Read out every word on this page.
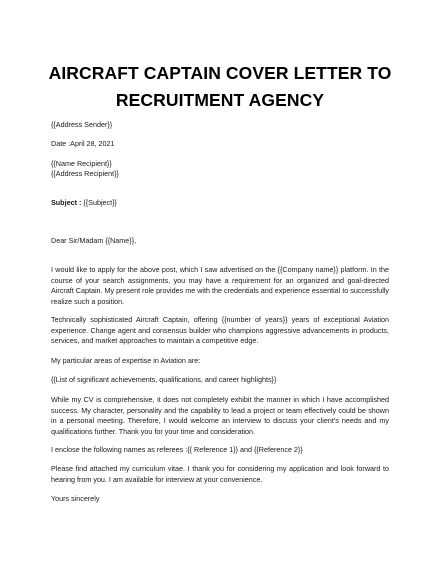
AIRCRAFT CAPTAIN COVER LETTER TO
RECRUITMENT AGENCY
{{Address Sender}}
Date :April 28, 2021
{{Name Recipient}}
{{Address Recipient}}
Subject : {{Subject}}
Dear Sir/Madam {{Name}},
I would like to apply for the above post, which I saw advertised on the {{Company name}} platform. In the course of your search assignments, you may have a requirement for an organized and goal-directed Aircraft Captain. My present role provides me with the credentials and experience essential to successfully realize such a position.
Technically sophisticated Aircraft Captain, offering {{number of years}} years of exceptional Aviation experience. Change agent and consensus builder who champions aggressive advancements in products, services, and market approaches to maintain a competitive edge.
My particular areas of expertise in Aviation are:
{{List of significant achievements, qualifications, and career highlights}}
While my CV is comprehensive, it does not completely exhibit the manner in which I have accomplished success. My character, personality and the capability to lead a project or team effectively could be shown in a personal meeting. Therefore, I would welcome an interview to discuss your client's needs and my qualifications further. Thank you for your time and consideration.
I enclose the following names as referees :{{ Reference 1}} and {{Reference 2}}
Please find attached my curriculum vitae. I thank you for considering my application and look forward to hearing from you. I am available for interview at your convenience.
Yours sincerely
